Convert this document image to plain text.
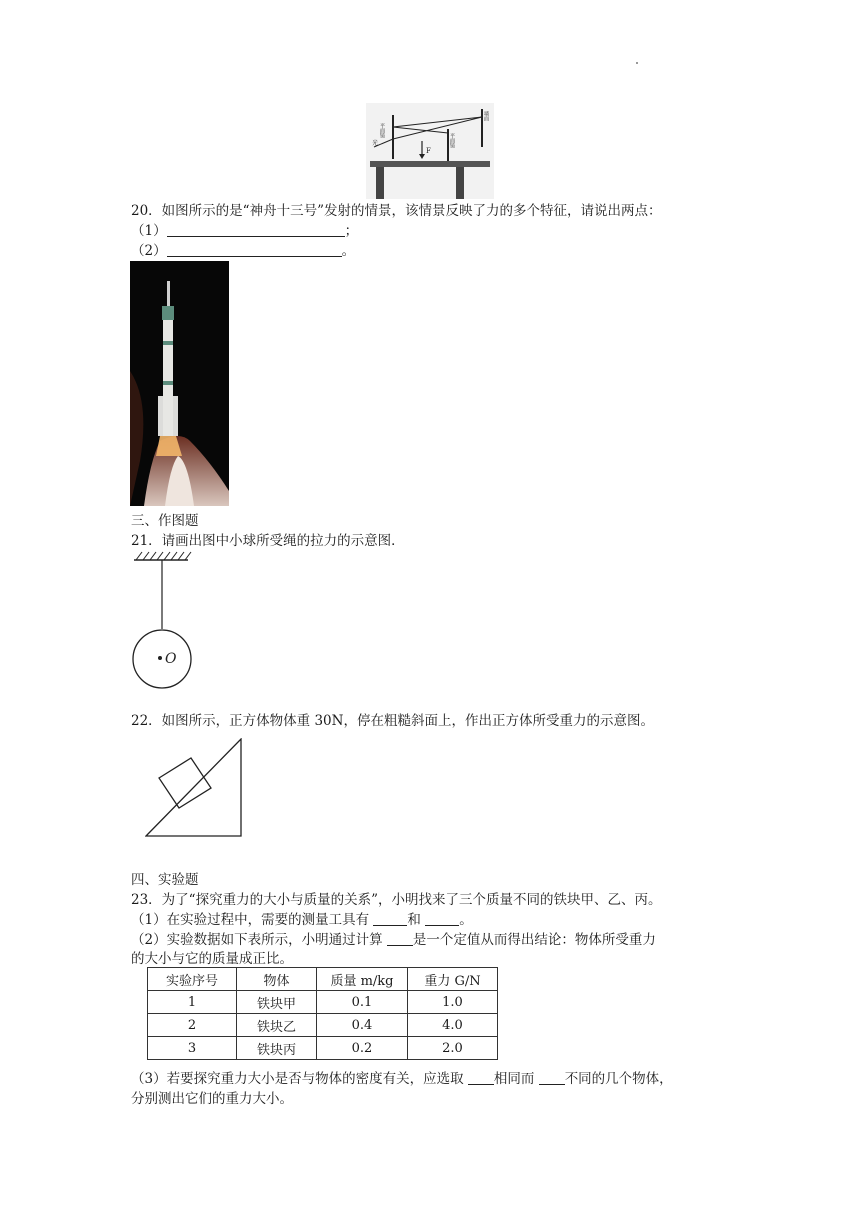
F
光
平面镜
平面镜
墙面
20．如图所示的是“神舟十三号”发射的情景，该情景反映了力的多个特征，请说出两点：
（1）	；
（2）	。
三、作图题
21．请画出图中小球所受绳的拉力的示意图．
O
22．如图所示，正方体物体重 30N，停在粗糙斜面上，作出正方体所受重力的示意图。
四、实验题
23．为了“探究重力的大小与质量的关系”，小明找来了三个质量不同的铁块甲、乙、丙。
（1）在实验过程中，需要的测量工具有	和	。
（2）实验数据如下表所示，小明通过计算 是一个定值从而得出结论：物体所受重力
的大小与它的质量成正比。
实验序号	物体	质量 m/kg	重力 G/N
1	铁块甲	0.1	1.0
2	铁块乙	0.4	4.0
3	铁块丙	0.2	2.0
（3）若要探究重力大小是否与物体的密度有关，应选取 相同而 不同的几个物体，
分别测出它们的重力大小。
